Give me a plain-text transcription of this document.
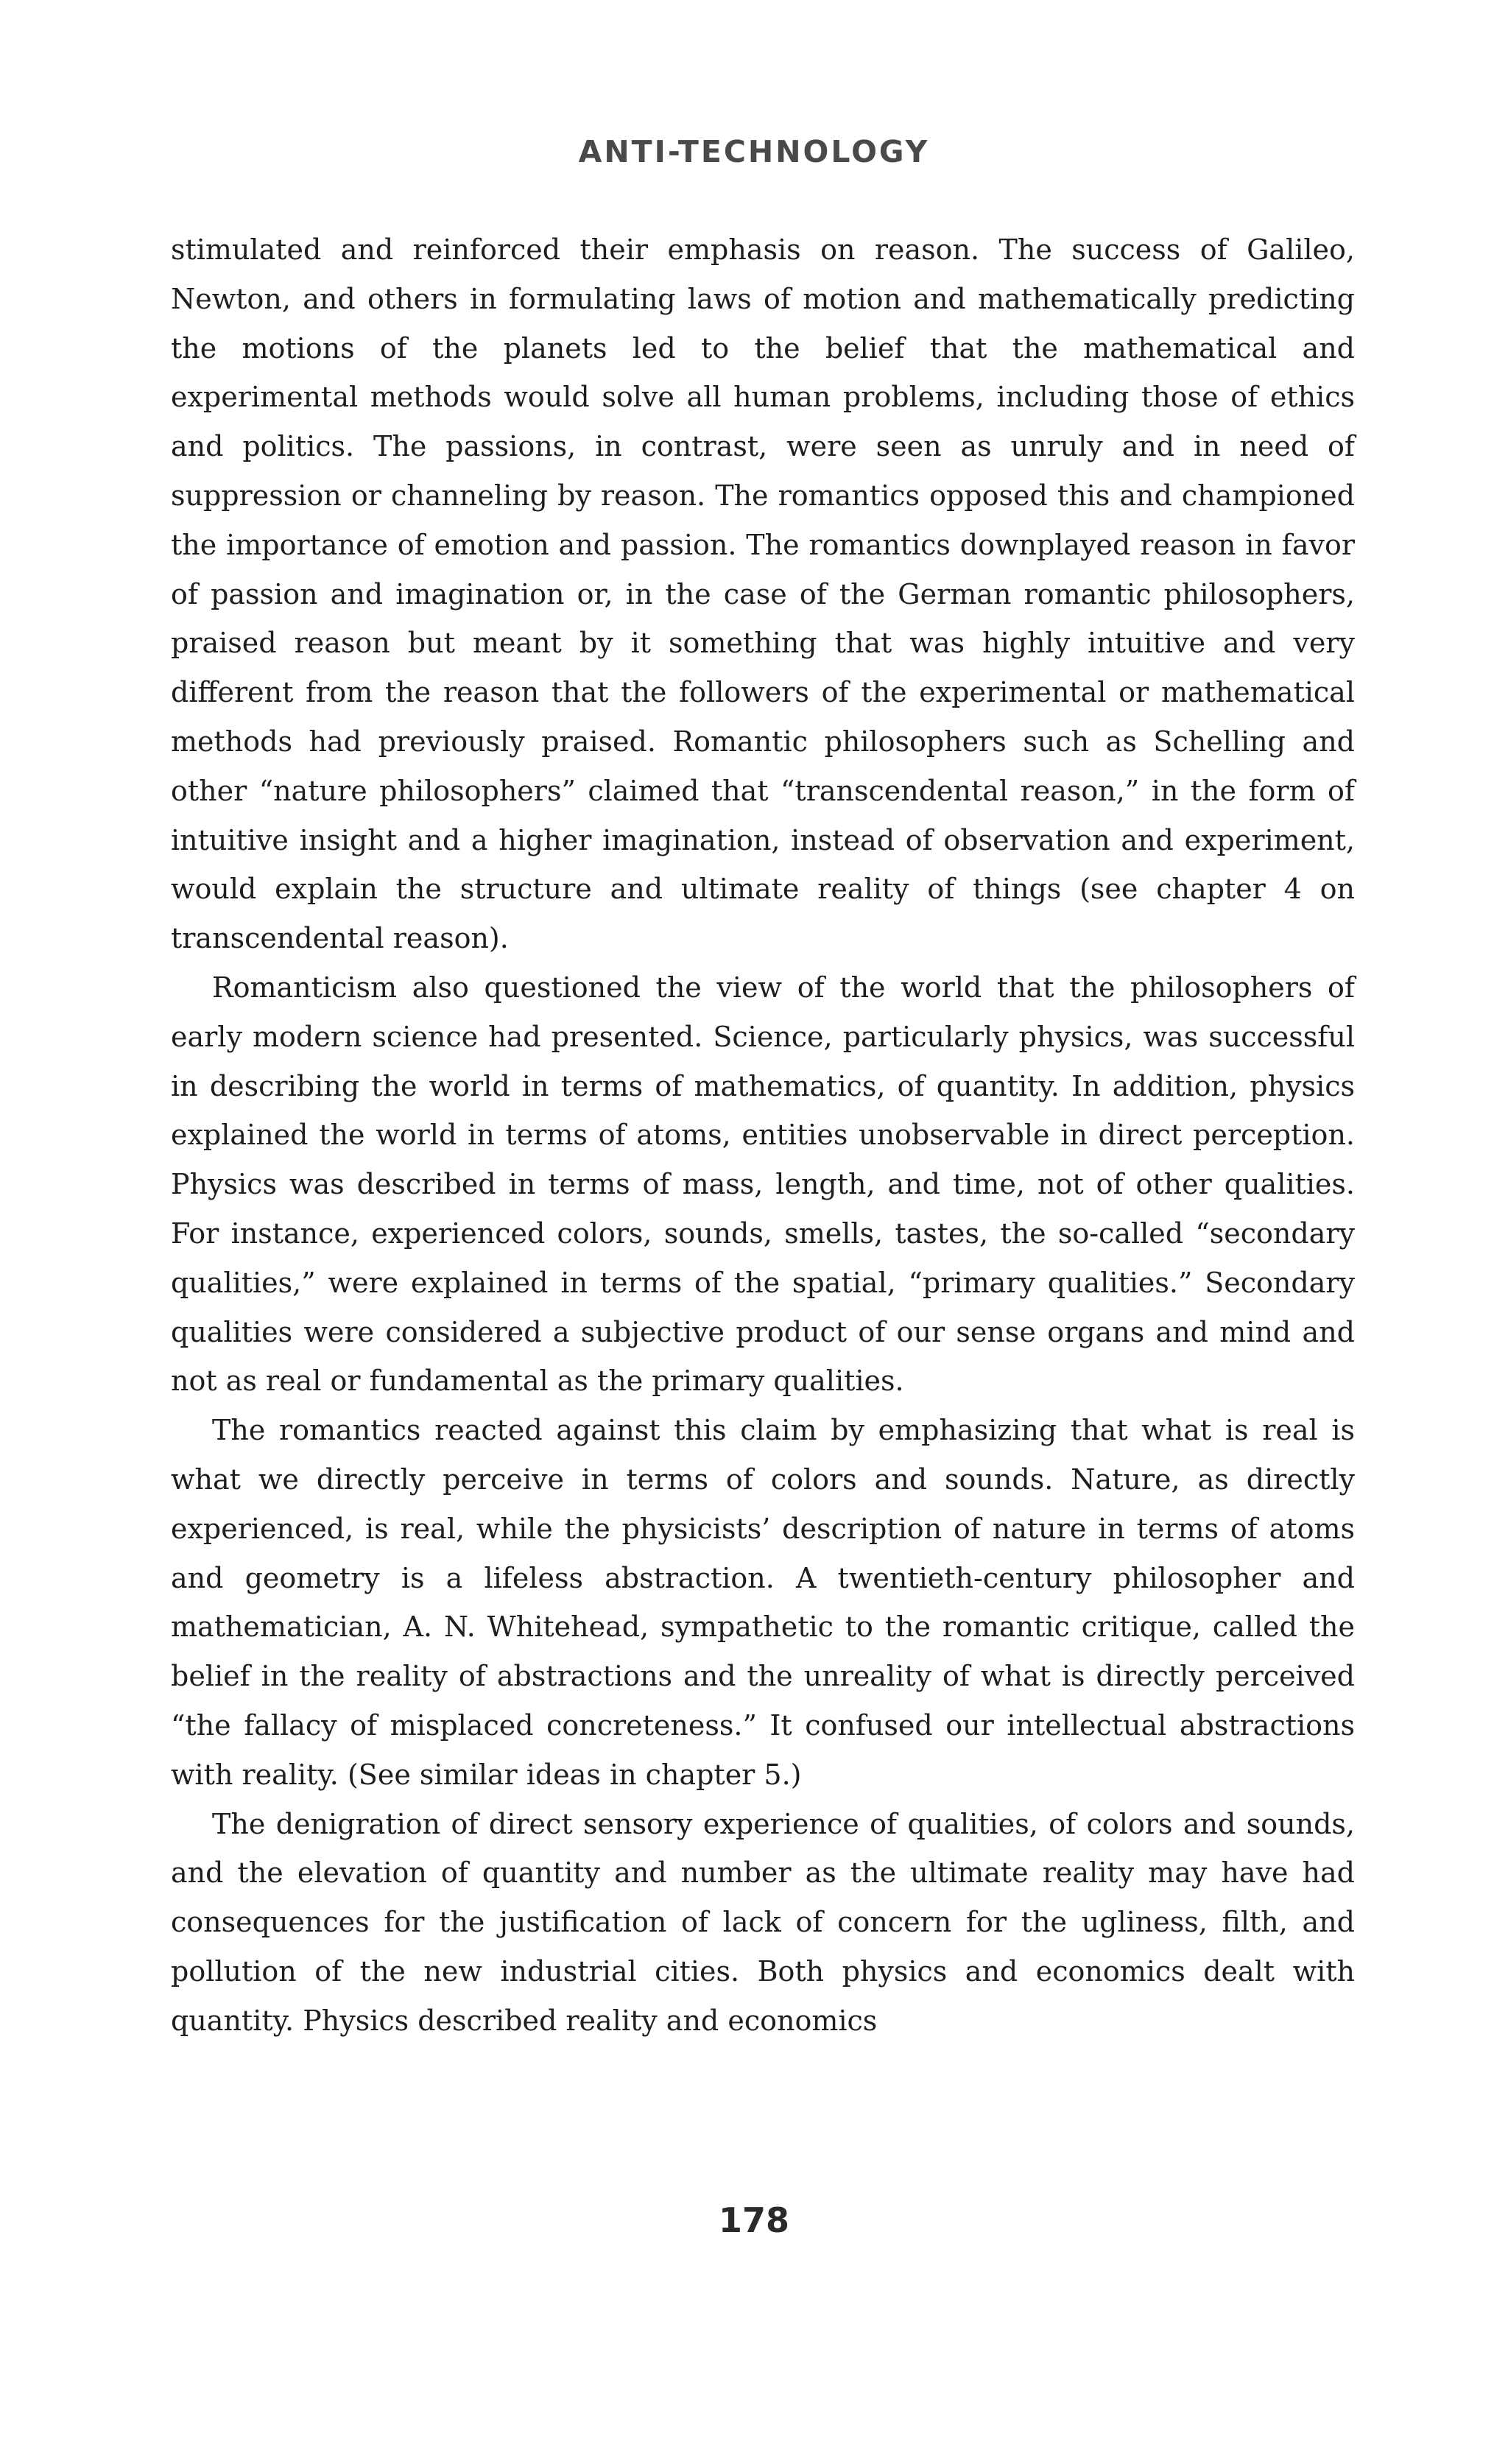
ANTI-TECHNOLOGY

stimulated and reinforced their emphasis on reason. The success of Galileo, Newton, and others in formulating laws of motion and mathematically predicting the motions of the planets led to the belief that the mathematical and experimental methods would solve all human problems, including those of ethics and politics. The passions, in contrast, were seen as unruly and in need of suppression or channeling by reason. The romantics opposed this and championed the importance of emotion and passion. The romantics downplayed reason in favor of passion and imagination or, in the case of the German romantic philosophers, praised reason but meant by it something that was highly intuitive and very different from the reason that the followers of the experimental or mathematical methods had previously praised. Romantic philosophers such as Schelling and other “nature philosophers” claimed that “transcendental reason,” in the form of intuitive insight and a higher imagination, instead of observation and experiment, would explain the structure and ultimate reality of things (see chapter 4 on transcendental reason).

Romanticism also questioned the view of the world that the philosophers of early modern science had presented. Science, particularly physics, was successful in describing the world in terms of mathematics, of quantity. In addition, physics explained the world in terms of atoms, entities unobservable in direct perception. Physics was described in terms of mass, length, and time, not of other qualities. For instance, experienced colors, sounds, smells, tastes, the so-called “secondary qualities,” were explained in terms of the spatial, “primary qualities.” Secondary qualities were considered a subjective product of our sense organs and mind and not as real or fundamental as the primary qualities.

The romantics reacted against this claim by emphasizing that what is real is what we directly perceive in terms of colors and sounds. Nature, as directly experienced, is real, while the physicists’ description of nature in terms of atoms and geometry is a lifeless abstraction. A twentieth-century philosopher and mathematician, A. N. Whitehead, sympathetic to the romantic critique, called the belief in the reality of abstractions and the unreality of what is directly perceived “the fallacy of misplaced concreteness.” It confused our intellectual abstractions with reality. (See similar ideas in chapter 5.)

The denigration of direct sensory experience of qualities, of colors and sounds, and the elevation of quantity and number as the ultimate reality may have had consequences for the justification of lack of concern for the ugliness, filth, and pollution of the new industrial cities. Both physics and economics dealt with quantity. Physics described reality and economics

178
